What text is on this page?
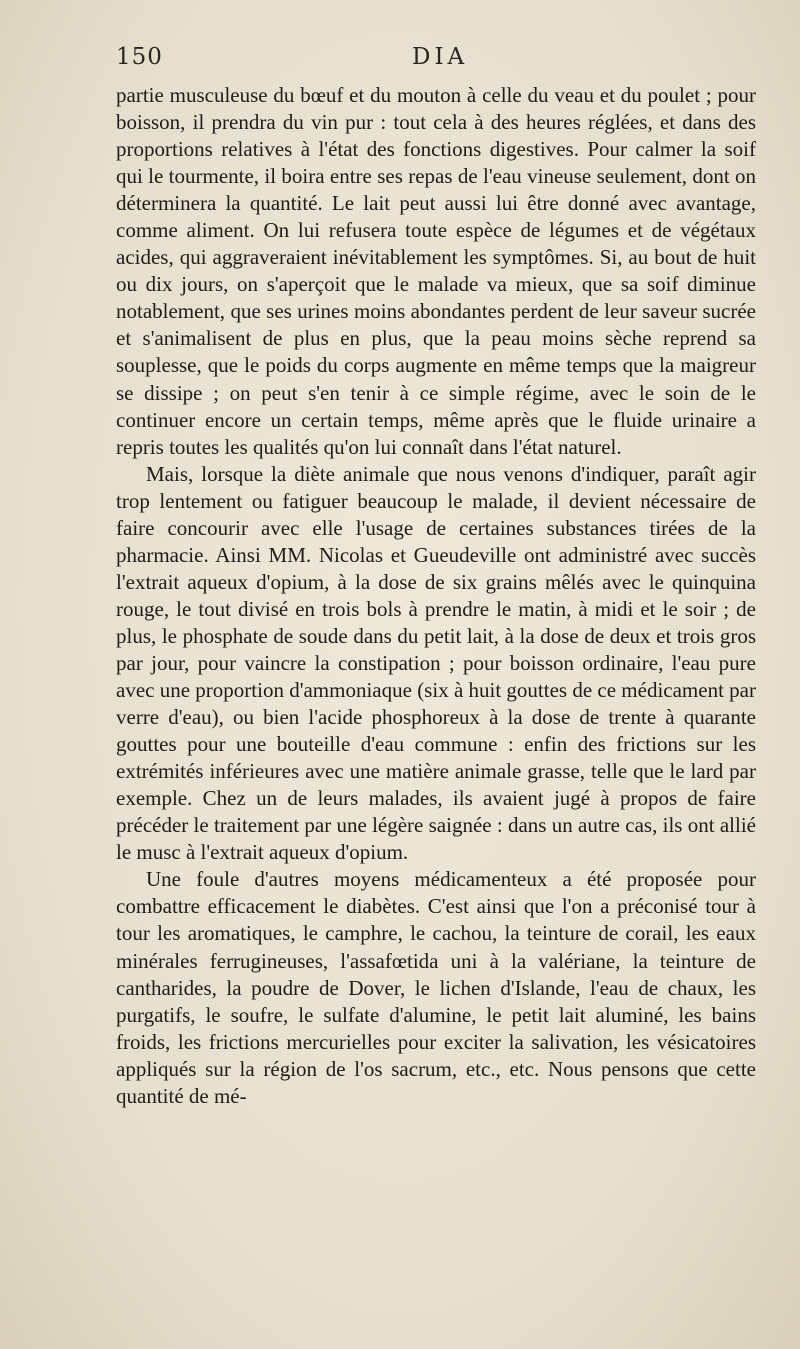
150	DIA

partie musculeuse du bœuf et du mouton à celle du veau et du poulet ; pour boisson, il prendra du vin pur : tout cela à des heures réglées, et dans des proportions relatives à l'état des fonctions digestives. Pour calmer la soif qui le tourmente, il boira entre ses repas de l'eau vineuse seulement, dont on déterminera la quantité. Le lait peut aussi lui être donné avec avantage, comme aliment. On lui refusera toute espèce de légumes et de végétaux acides, qui aggraveraient inévitablement les symptômes. Si, au bout de huit ou dix jours, on s'aperçoit que le malade va mieux, que sa soif diminue notablement, que ses urines moins abondantes perdent de leur saveur sucrée et s'animalisent de plus en plus, que la peau moins sèche reprend sa souplesse, que le poids du corps augmente en même temps que la maigreur se dissipe ; on peut s'en tenir à ce simple régime, avec le soin de le continuer encore un certain temps, même après que le fluide urinaire a repris toutes les qualités qu'on lui connaît dans l'état naturel.

Mais, lorsque la diète animale que nous venons d'indiquer, paraît agir trop lentement ou fatiguer beaucoup le malade, il devient nécessaire de faire concourir avec elle l'usage de certaines substances tirées de la pharmacie. Ainsi MM. Nicolas et Gueudeville ont administré avec succès l'extrait aqueux d'opium, à la dose de six grains mêlés avec le quinquina rouge, le tout divisé en trois bols à prendre le matin, à midi et le soir ; de plus, le phosphate de soude dans du petit lait, à la dose de deux et trois gros par jour, pour vaincre la constipation ; pour boisson ordinaire, l'eau pure avec une proportion d'ammoniaque (six à huit gouttes de ce médicament par verre d'eau), ou bien l'acide phosphoreux à la dose de trente à quarante gouttes pour une bouteille d'eau commune : enfin des frictions sur les extrémités inférieures avec une matière animale grasse, telle que le lard par exemple. Chez un de leurs malades, ils avaient jugé à propos de faire précéder le traitement par une légère saignée : dans un autre cas, ils ont allié le musc à l'extrait aqueux d'opium.

Une foule d'autres moyens médicamenteux a été proposée pour combattre efficacement le diabètes. C'est ainsi que l'on a préconisé tour à tour les aromatiques, le camphre, le cachou, la teinture de corail, les eaux minérales ferrugineuses, l'assafœtida uni à la valériane, la teinture de cantharides, la poudre de Dover, le lichen d'Islande, l'eau de chaux, les purgatifs, le soufre, le sulfate d'alumine, le petit lait aluminé, les bains froids, les frictions mercurielles pour exciter la salivation, les vésicatoires appliqués sur la région de l'os sacrum, etc., etc. Nous pensons que cette quantité de mé-
